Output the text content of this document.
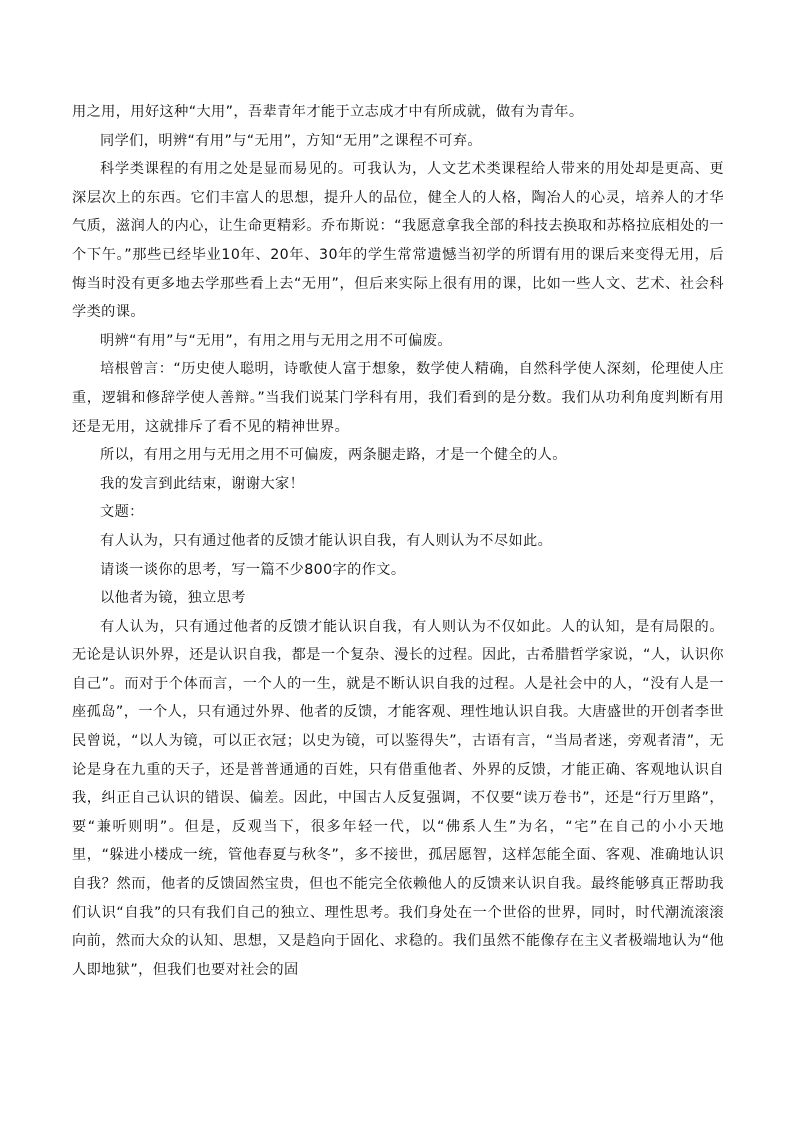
用之用，用好这种“大用”，吾辈青年才能于立志成才中有所成就，做有为青年。

同学们，明辨“有用”与“无用”，方知“无用”之课程不可弃。

科学类课程的有用之处是显而易见的。可我认为，人文艺术类课程给人带来的用处却是更高、更深层次上的东西。它们丰富人的思想，提升人的品位，健全人的人格，陶冶人的心灵，培养人的才华气质，滋润人的内心，让生命更精彩。乔布斯说：“我愿意拿我全部的科技去换取和苏格拉底相处的一个下午。”那些已经毕业10年、20年、30年的学生常常遗憾当初学的所谓有用的课后来变得无用，后悔当时没有更多地去学那些看上去“无用”，但后来实际上很有用的课，比如一些人文、艺术、社会科学类的课。

明辨“有用”与“无用”，有用之用与无用之用不可偏废。

培根曾言：“历史使人聪明，诗歌使人富于想象，数学使人精确，自然科学使人深刻，伦理使人庄重，逻辑和修辞学使人善辩。”当我们说某门学科有用，我们看到的是分数。我们从功利角度判断有用还是无用，这就排斥了看不见的精神世界。

所以，有用之用与无用之用不可偏废，两条腿走路，才是一个健全的人。

我的发言到此结束，谢谢大家！

文题：

有人认为，只有通过他者的反馈才能认识自我，有人则认为不尽如此。

请谈一谈你的思考，写一篇不少800字的作文。

以他者为镜，独立思考

有人认为，只有通过他者的反馈才能认识自我，有人则认为不仅如此。人的认知，是有局限的。无论是认识外界，还是认识自我，都是一个复杂、漫长的过程。因此，古希腊哲学家说，“人，认识你自己”。而对于个体而言，一个人的一生，就是不断认识自我的过程。人是社会中的人，“没有人是一座孤岛”，一个人，只有通过外界、他者的反馈，才能客观、理性地认识自我。大唐盛世的开创者李世民曾说，“以人为镜，可以正衣冠；以史为镜，可以鉴得失”，古语有言，“当局者迷，旁观者清”，无论是身在九重的天子，还是普普通通的百姓，只有借重他者、外界的反馈，才能正确、客观地认识自我，纠正自己认识的错误、偏差。因此，中国古人反复强调，不仅要“读万卷书”，还是“行万里路”，要“兼听则明”。但是，反观当下，很多年轻一代，以“佛系人生”为名，“宅”在自己的小小天地里，“躲进小楼成一统，管他春夏与秋冬”，多不接世，孤居愿智，这样怎能全面、客观、准确地认识自我？然而，他者的反馈固然宝贵，但也不能完全依赖他人的反馈来认识自我。最终能够真正帮助我们认识“自我”的只有我们自己的独立、理性思考。我们身处在一个世俗的世界，同时，时代潮流滚滚向前，然而大众的认知、思想，又是趋向于固化、求稳的。我们虽然不能像存在主义者极端地认为“他人即地狱”，但我们也要对社会的固
